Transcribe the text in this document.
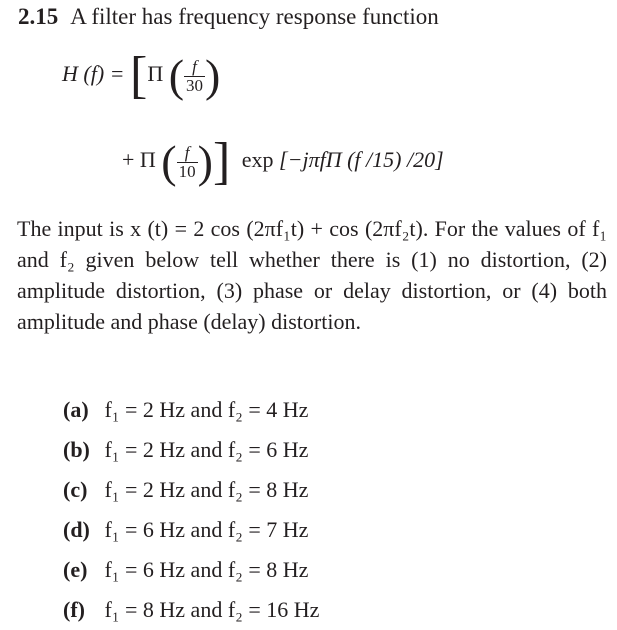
2.15 A filter has frequency response function
H (f) = [Π ( $\frac{f}{30}$ )
+ Π ( $\frac{f}{10}$ )] exp [−jπfΠ (f /15) /20]

The input is x (t) = 2 cos (2πf₁t) + cos (2πf₂t). For the values of f₁ and f₂ given below tell whether there is (1) no distortion, (2) amplitude distortion, (3) phase or delay distortion, or (4) both amplitude and phase (delay) distortion.

(a) f₁ = 2 Hz and f₂ = 4 Hz
(b) f₁ = 2 Hz and f₂ = 6 Hz
(c) f₁ = 2 Hz and f₂ = 8 Hz
(d) f₁ = 6 Hz and f₂ = 7 Hz
(e) f₁ = 6 Hz and f₂ = 8 Hz
(f) f₁ = 8 Hz and f₂ = 16 Hz
